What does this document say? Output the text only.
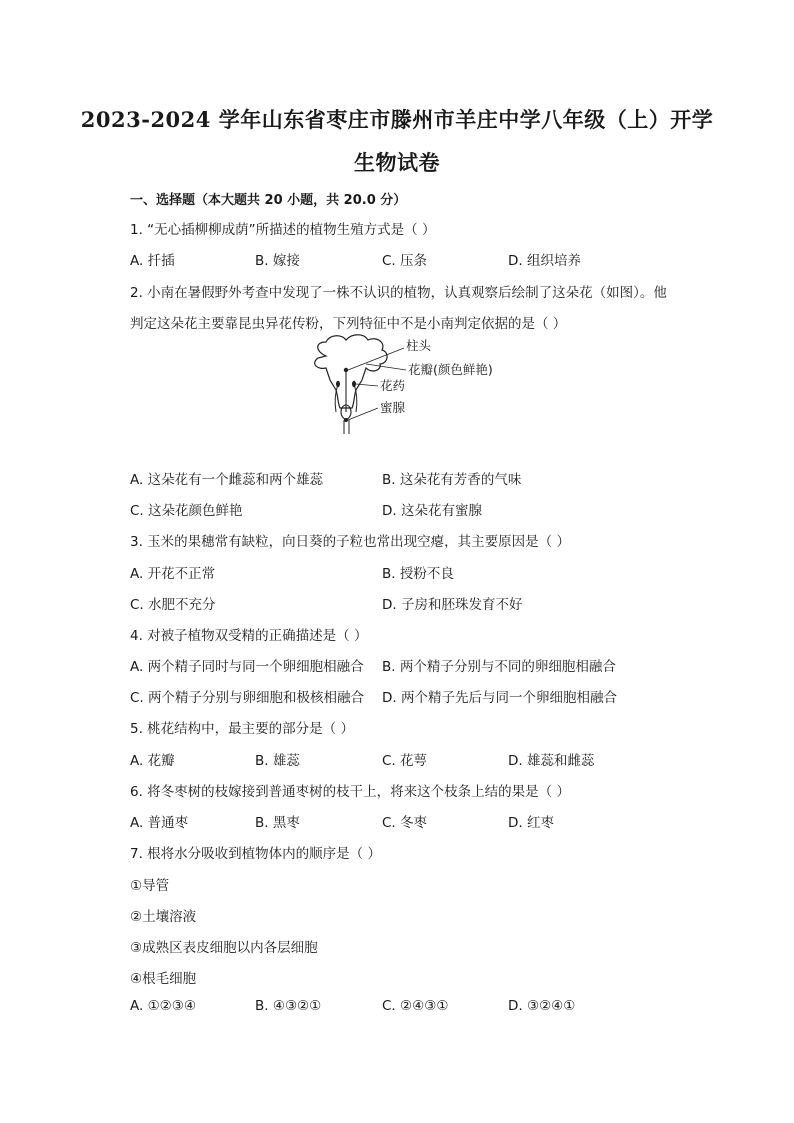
2023-2024 学年山东省枣庄市滕州市羊庄中学八年级（上）开学
生物试卷
一、选择题（本大题共 20 小题，共 20.0 分）
1. “无心插柳柳成荫”所描述的植物生殖方式是（ ）
A. 扦插	B. 嫁接	C. 压条	D. 组织培养
2. 小南在暑假野外考查中发现了一株不认识的植物，认真观察后绘制了这朵花（如图）。他
判定这朵花主要靠昆虫异花传粉，下列特征中不是小南判定依据的是（ ）
柱头
花瓣(颜色鲜艳)
花药
蜜腺
A. 这朵花有一个雌蕊和两个雄蕊	B. 这朵花有芳香的气味
C. 这朵花颜色鲜艳	D. 这朵花有蜜腺
3. 玉米的果穗常有缺粒，向日葵的子粒也常出现空瘪，其主要原因是（ ）
A. 开花不正常	B. 授粉不良
C. 水肥不充分	D. 子房和胚珠发育不好
4. 对被子植物双受精的正确描述是（ ）
A. 两个精子同时与同一个卵细胞相融合 B. 两个精子分别与不同的卵细胞相融合
C. 两个精子分别与卵细胞和极核相融合 D. 两个精子先后与同一个卵细胞相融合
5. 桃花结构中，最主要的部分是（ ）
A. 花瓣	B. 雄蕊	C. 花萼	D. 雄蕊和雌蕊
6. 将冬枣树的枝嫁接到普通枣树的枝干上，将来这个枝条上结的果是（ ）
A. 普通枣	B. 黑枣	C. 冬枣	D. 红枣
7. 根将水分吸收到植物体内的顺序是（ ）
①导管
②土壤溶液
③成熟区表皮细胞以内各层细胞
④根毛细胞
A. ①②③④	B. ④③②①	C. ②④③①	D. ③②④①
